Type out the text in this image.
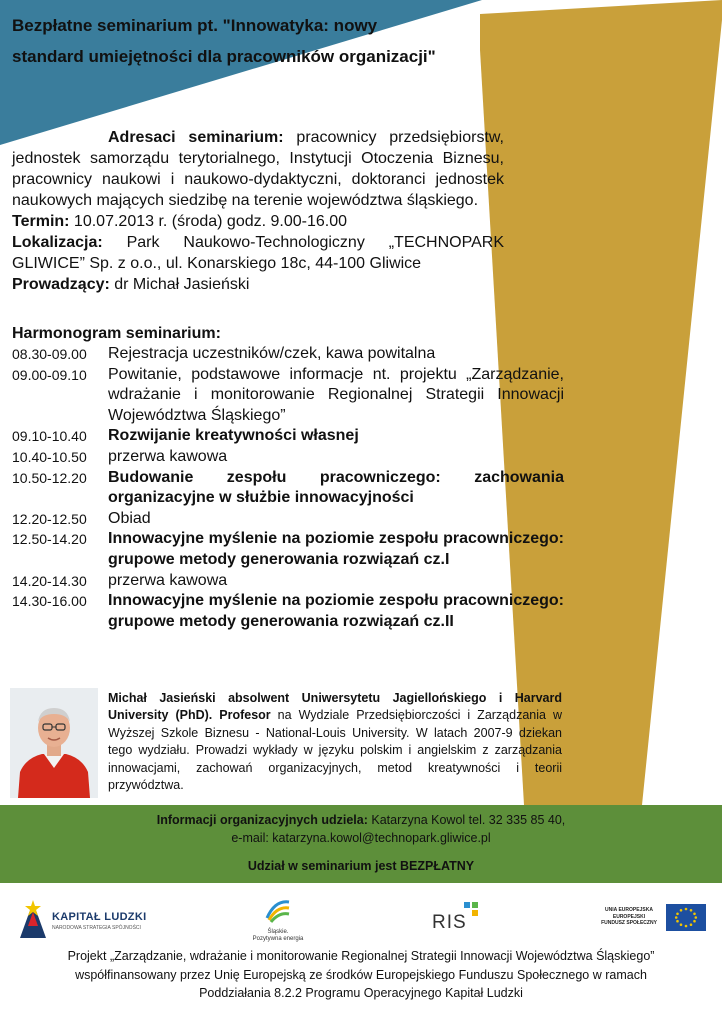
Bezpłatne seminarium pt. "Innowatyka: nowy standard umiejętności dla pracowników organizacji"

Adresaci seminarium: pracownicy przedsiębiorstw, jednostek samorządu terytorialnego, Instytucji Otoczenia Biznesu, pracownicy naukowi i naukowo-dydaktyczni, doktoranci jednostek naukowych mających siedzibę na terenie województwa śląskiego.

Termin: 10.07.2013 r. (środa) godz. 9.00-16.00

Lokalizacja: Park Naukowo-Technologiczny „TECHNOPARK GLIWICE” Sp. z o.o., ul. Konarskiego 18c, 44-100 Gliwice

Prowadzący: dr Michał Jasieński

Harmonogram seminarium:
08.30-09.00	Rejestracja uczestników/czek, kawa powitalna
09.00-09.10	Powitanie, podstawowe informacje nt. projektu „Zarządzanie, wdrażanie i monitorowanie Regionalnej Strategii Innowacji Województwa Śląskiego”
09.10-10.40	Rozwijanie kreatywności własnej
10.40-10.50	przerwa kawowa
10.50-12.20	Budowanie zespołu pracowniczego: zachowania organizacyjne w służbie innowacyjności
12.20-12.50	Obiad
12.50-14.20	Innowacyjne myślenie na poziomie zespołu pracowniczego: grupowe metody generowania rozwiązań cz.I
14.20-14.30	przerwa kawowa
14.30-16.00	Innowacyjne myślenie na poziomie zespołu pracowniczego: grupowe metody generowania rozwiązań cz.II

Michał Jasieński absolwent Uniwersytetu Jagiellońskiego i Harvard University (PhD). Profesor na Wydziale Przedsiębiorczości i Zarządzania w Wyższej Szkole Biznesu - National-Louis University. W latach 2007-9 dziekan tego wydziału. Prowadzi wykłady w języku polskim i angielskim z zarządzania innowacjami, zachowań organizacyjnych, metod kreatywności i teorii przywództwa.

Informacji organizacyjnych udziela: Katarzyna Kowol tel. 32 335 85 40,
e-mail: katarzyna.kowol@technopark.gliwice.pl
Udział w seminarium jest BEZPŁATNY
KAPITAŁ LUDZKI
NARODOWA STRATEGIA SPÓJNOŚCI
Śląskie.
Pozytywna energia
RIS
UNIA EUROPEJSKA
EUROPEJSKI
FUNDUSZ SPOŁECZNY
Projekt „Zarządzanie, wdrażanie i monitorowanie Regionalnej Strategii Innowacji Województwa Śląskiego”
współfinansowany przez Unię Europejską ze środków Europejskiego Funduszu Społecznego w ramach
Poddziałania 8.2.2 Programu Operacyjnego Kapitał Ludzki
